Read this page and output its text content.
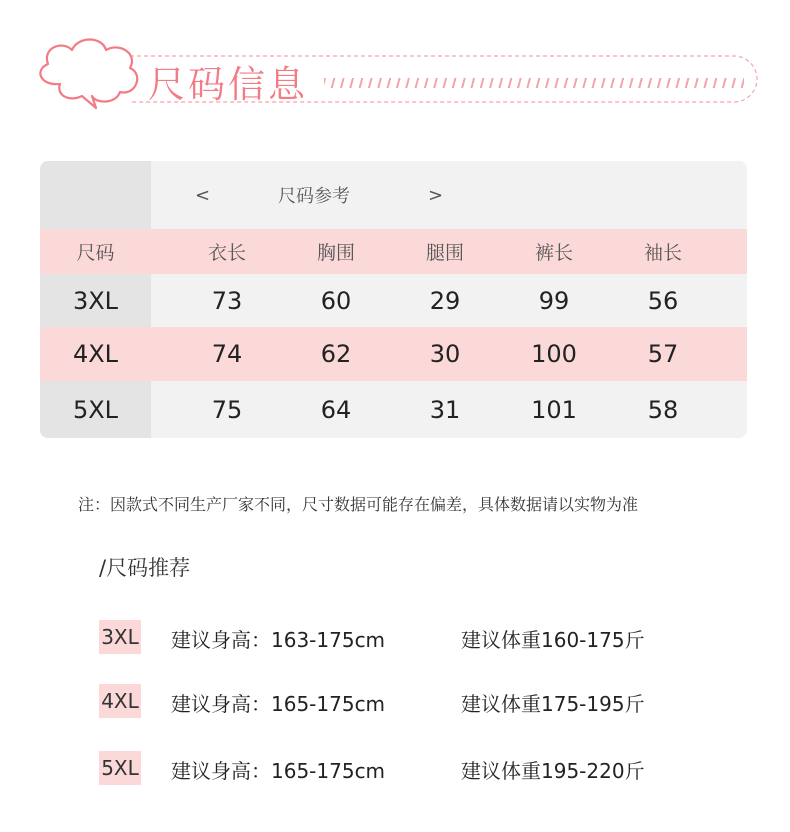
尺码信息
<	尺码参考	>
尺码	衣长	胸围	腿围	裤长	袖长
3XL	73	60	29	99	56
4XL	74	62	30	100	57
5XL	75	64	31	101	58
注：因款式不同生产厂家不同，尺寸数据可能存在偏差，具体数据请以实物为准
/尺码推荐
3XL 建议身高：163-175cm	建议体重160-175斤
4XL 建议身高：165-175cm	建议体重175-195斤
5XL 建议身高：165-175cm	建议体重195-220斤
